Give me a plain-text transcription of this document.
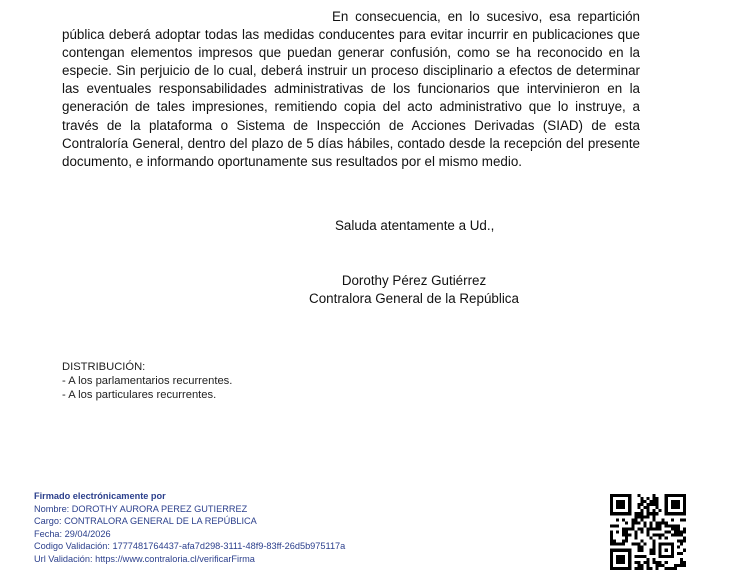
En consecuencia, en lo sucesivo, esa repartición pública deberá adoptar todas las medidas conducentes para evitar incurrir en publicaciones que contengan elementos impresos que puedan generar confusión, como se ha reconocido en la especie. Sin perjuicio de lo cual, deberá instruir un proceso disciplinario a efectos de determinar las eventuales responsabilidades administrativas de los funcionarios que intervinieron en la generación de tales impresiones, remitiendo copia del acto administrativo que lo instruye, a través de la plataforma o Sistema de Inspección de Acciones Derivadas (SIAD) de esta Contraloría General, dentro del plazo de 5 días hábiles, contado desde la recepción del presente documento, e informando oportunamente sus resultados por el mismo medio.
Saluda atentamente a Ud.,
Dorothy Pérez Gutiérrez
Contralora General de la República
DISTRIBUCIÓN:
- A los parlamentarios recurrentes.
- A los particulares recurrentes.
Firmado electrónicamente por
Nombre: DOROTHY AURORA PEREZ GUTIERREZ
Cargo: CONTRALORA GENERAL DE LA REPÚBLICA
Fecha: 29/04/2026
Codigo Validación: 1777481764437-afa7d298-3111-48f9-83ff-26d5b975117a
Url Validación: https://www.contraloria.cl/verificarFirma
